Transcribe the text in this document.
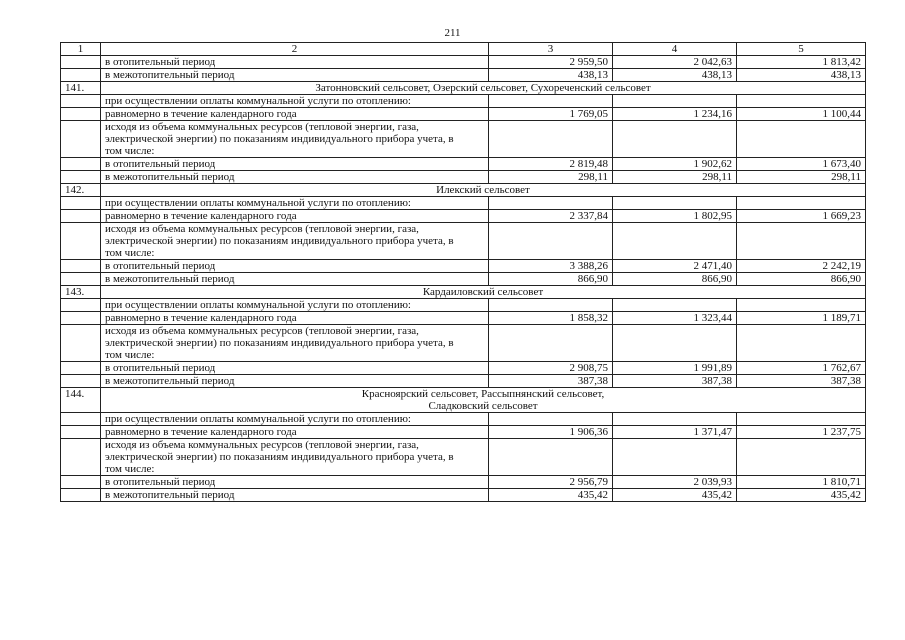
211
1	2	3	4	5
	в отопительный период	2 959,50	2 042,63	1 813,42
	в межотопительный период	438,13	438,13	438,13
141.	Затонновский сельсовет, Озерский сельсовет, Сухореченский сельсовет			

	при осуществлении оплаты коммунальной услуги по отоплению:			
	равномерно в течение календарного года	1 769,05	1 234,16	1 100,44
	исходя из объема коммунальных ресурсов (тепловой энергии, газа, электрической энергии) по показаниям индивидуального прибора учета, в том числе:			
	в отопительный период	2 819,48	1 902,62	1 673,40
	в межотопительный период	298,11	298,11	298,11
142.	Илекский сельсовет			

	при осуществлении оплаты коммунальной услуги по отоплению:			
	равномерно в течение календарного года	2 337,84	1 802,95	1 669,23
	исходя из объема коммунальных ресурсов (тепловой энергии, газа, электрической энергии) по показаниям индивидуального прибора учета, в том числе:			
	в отопительный период	3 388,26	2 471,40	2 242,19
	в межотопительный период	866,90	866,90	866,90
143.	Кардаиловский сельсовет			

	при осуществлении оплаты коммунальной услуги по отоплению:			
	равномерно в течение календарного года	1 858,32	1 323,44	1 189,71
	исходя из объема коммунальных ресурсов (тепловой энергии, газа, электрической энергии) по показаниям индивидуального прибора учета, в том числе:			
	в отопительный период	2 908,75	1 991,89	1 762,67
	в межотопительный период	387,38	387,38	387,38
144.	Красноярский сельсовет, Рассыпнянский сельсовет,
Сладковский сельсовет			

	при осуществлении оплаты коммунальной услуги по отоплению:			
	равномерно в течение календарного года	1 906,36	1 371,47	1 237,75
	исходя из объема коммунальных ресурсов (тепловой энергии, газа, электрической энергии) по показаниям индивидуального прибора учета, в том числе:			
	в отопительный период	2 956,79	2 039,93	1 810,71
	в межотопительный период	435,42	435,42	435,42
